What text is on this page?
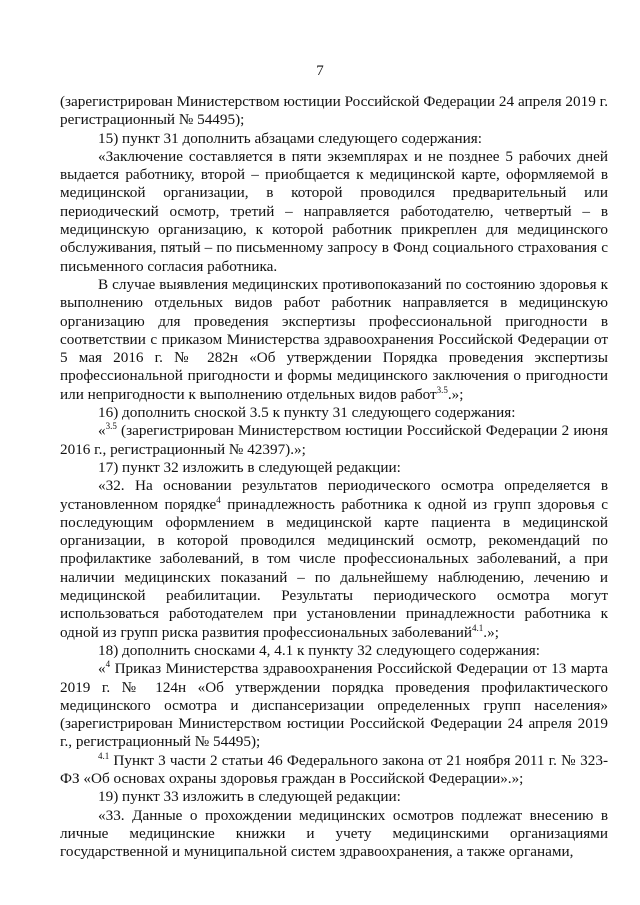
7

(зарегистрирован Министерством юстиции Российской Федерации 24 апреля 2019 г. регистрационный № 54495);

15) пункт 31 дополнить абзацами следующего содержания:

«Заключение составляется в пяти экземплярах и не позднее 5 рабочих дней выдается работнику, второй – приобщается к медицинской карте, оформляемой в медицинской организации, в которой проводился предварительный или периодический осмотр, третий – направляется работодателю, четвертый – в медицинскую организацию, к которой работник прикреплен для медицинского обслуживания, пятый – по письменному запросу в Фонд социального страхования с письменного согласия работника.

В случае выявления медицинских противопоказаний по состоянию здоровья к выполнению отдельных видов работ работник направляется в медицинскую организацию для проведения экспертизы профессиональной пригодности в соответствии с приказом Министерства здравоохранения Российской Федерации от 5 мая 2016 г. № 282н «Об утверждении Порядка проведения экспертизы профессиональной пригодности и формы медицинского заключения о пригодности или непригодности к выполнению отдельных видов работ$^{3.5}$.»;

16) дополнить сноской 3.5 к пункту 31 следующего содержания:

«$^{3.5}$ (зарегистрирован Министерством юстиции Российской Федерации 2 июня 2016 г., регистрационный № 42397).»;

17) пункт 32 изложить в следующей редакции:

«32. На основании результатов периодического осмотра определяется в установленном порядке$^4$ принадлежность работника к одной из групп здоровья с последующим оформлением в медицинской карте пациента в медицинской организации, в которой проводился медицинский осмотр, рекомендаций по профилактике заболеваний, в том числе профессиональных заболеваний, а при наличии медицинских показаний – по дальнейшему наблюдению, лечению и медицинской реабилитации. Результаты периодического осмотра могут использоваться работодателем при установлении принадлежности работника к одной из групп риска развития профессиональных заболеваний$^{4.1}$.»;

18) дополнить сносками 4, 4.1 к пункту 32 следующего содержания:

«$^4$ Приказ Министерства здравоохранения Российской Федерации от 13 марта 2019 г. № 124н «Об утверждении порядка проведения профилактического медицинского осмотра и диспансеризации определенных групп населения» (зарегистрирован Министерством юстиции Российской Федерации 24 апреля 2019 г., регистрационный № 54495);

$^{4.1}$ Пункт 3 части 2 статьи 46 Федерального закона от 21 ноября 2011 г. № 323-ФЗ «Об основах охраны здоровья граждан в Российской Федерации».»;

19) пункт 33 изложить в следующей редакции:

«33. Данные о прохождении медицинских осмотров подлежат внесению в личные медицинские книжки и учету медицинскими организациями государственной и муниципальной систем здравоохранения, а также органами,
